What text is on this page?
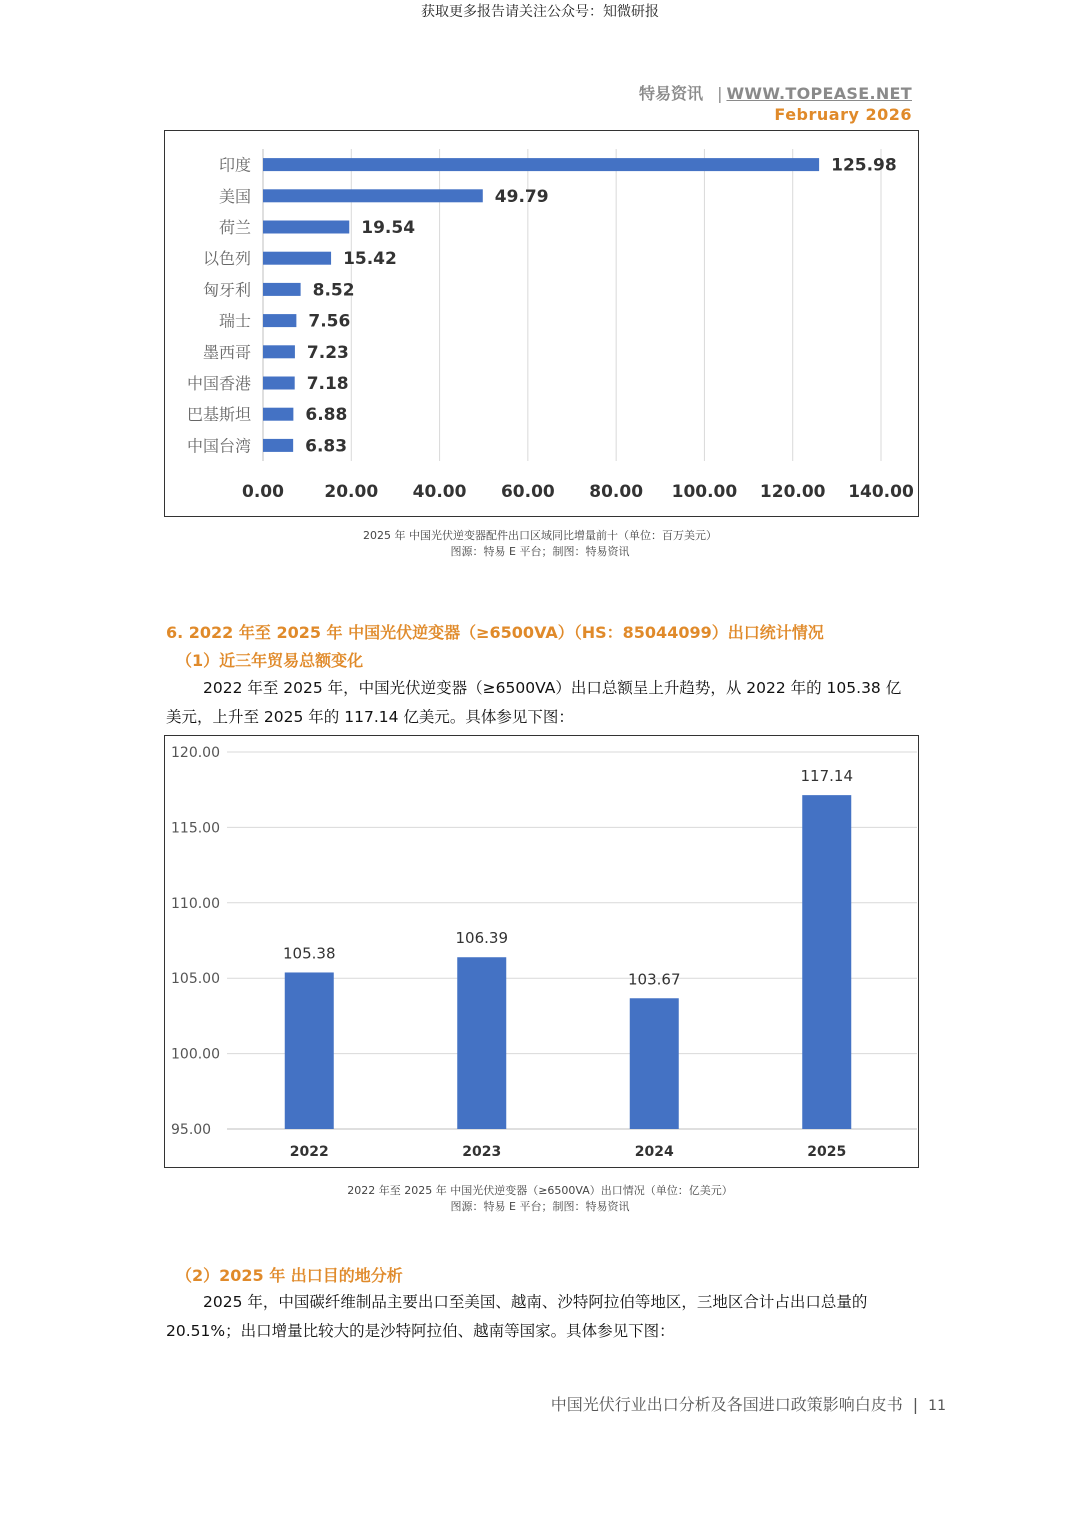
获取更多报告请关注公众号：知微研报
特易资讯 | WWW.TOPEASE.NET
February 2026
0.00 20.00 40.00 60.00 80.00 100.00 120.00 140.00
印度	125.98
美国	49.79
荷兰	19.54
以色列	15.42
匈牙利	8.52
瑞士	7.56
墨西哥	7.23
中国香港	7.18
巴基斯坦	6.88
中国台湾	6.83
2025 年 中国光伏逆变器配件出口区域同比增量前十（单位：百万美元）
图源：特易 E 平台；制图：特易资讯
6. 2022 年至 2025 年 中国光伏逆变器（≥6500VA）（HS：85044099）出口统计情况
（1）近三年贸易总额变化
2022 年至 2025 年，中国光伏逆变器（≥6500VA）出口总额呈上升趋势，从 2022 年的 105.38 亿美元，上升至 2025 年的 117.14 亿美元。具体参见下图：
95.00
100.00
105.00
110.00
115.00
120.00
105.38
2022
106.39
2023
103.67
2024
117.14
2025
2022 年至 2025 年 中国光伏逆变器（≥6500VA）出口情况（单位：亿美元）
图源：特易 E 平台；制图：特易资讯
（2）2025 年 出口目的地分析
2025 年，中国碳纤维制品主要出口至美国、越南、沙特阿拉伯等地区，三地区合计占出口总量的 20.51%；出口增量比较大的是沙特阿拉伯、越南等国家。具体参见下图：
中国光伏行业出口分析及各国进口政策影响白皮书 | 11
